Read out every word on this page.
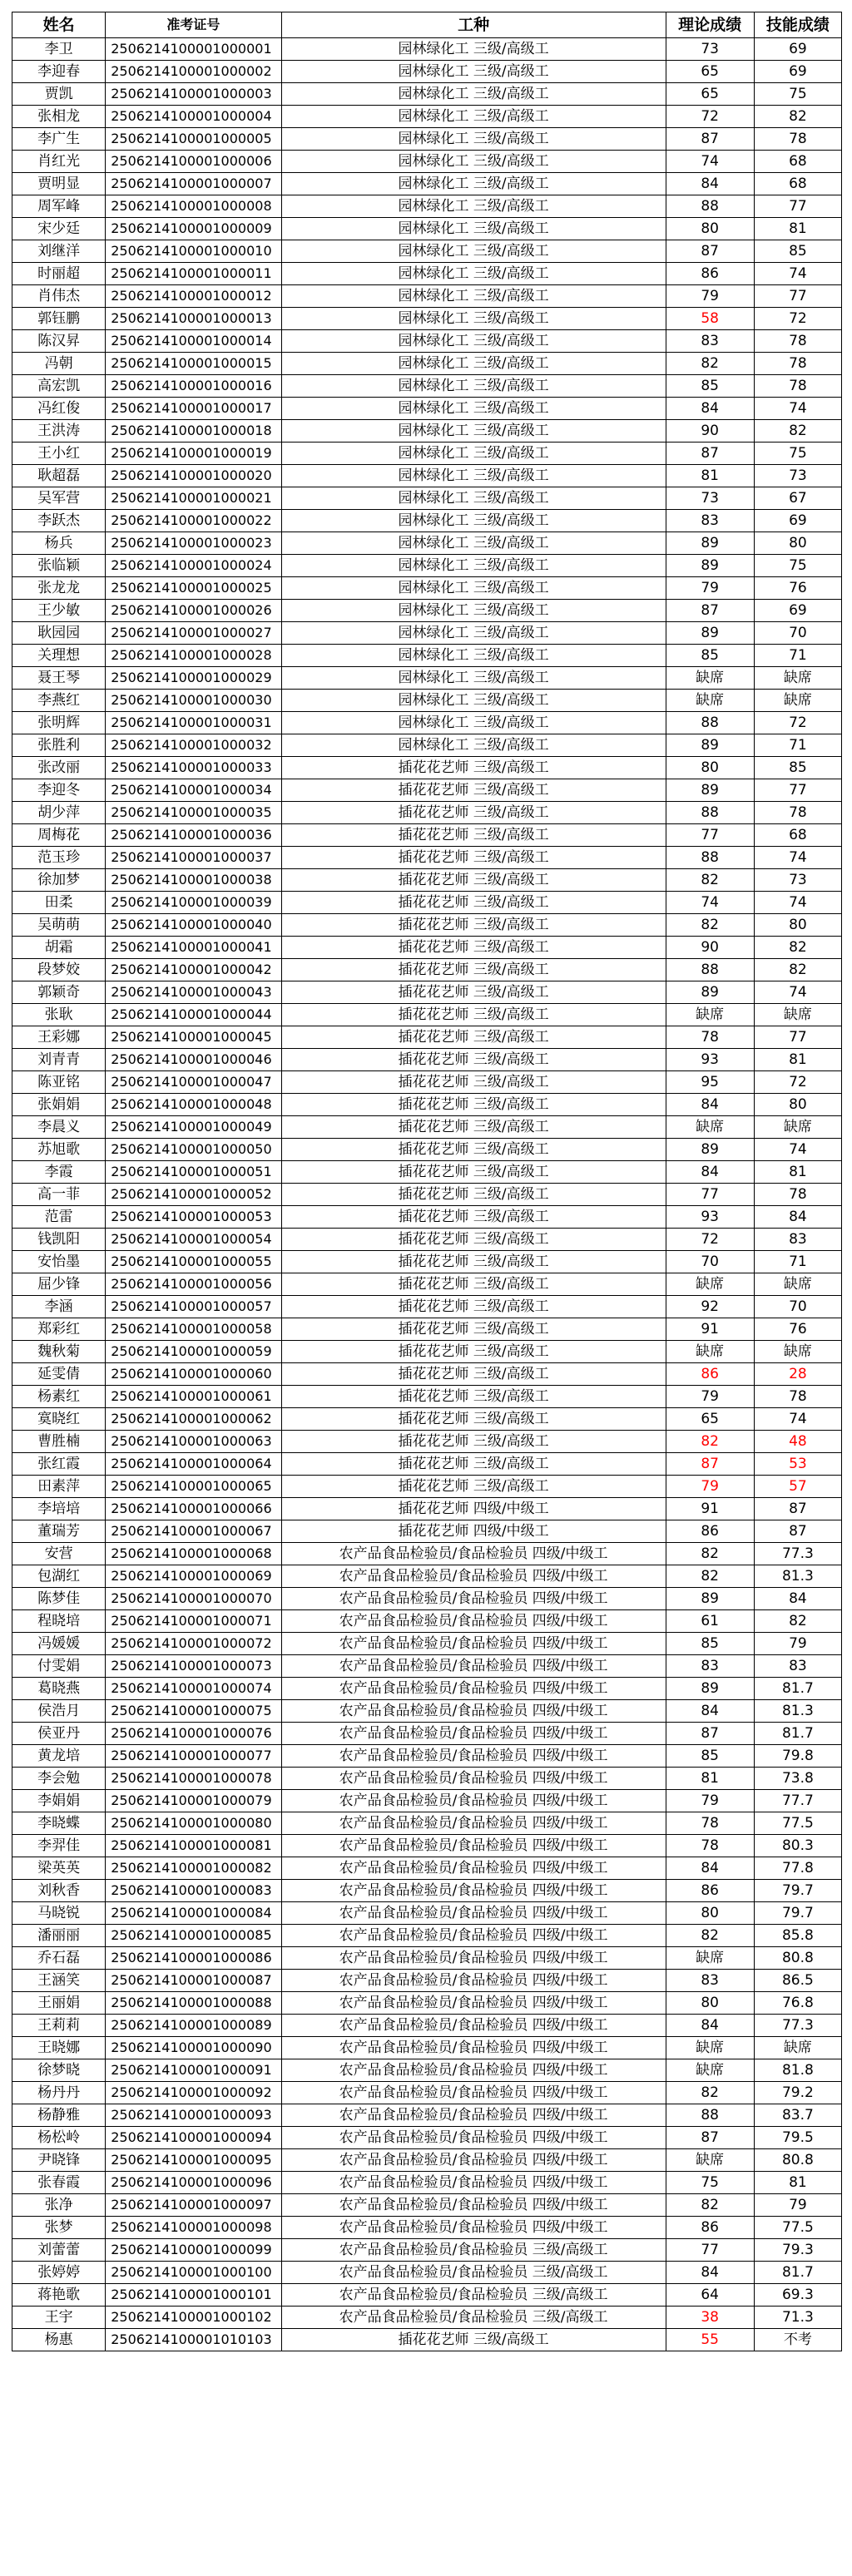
姓名	准考证号	工种	理论成绩	技能成绩
李卫	2506214100001000001	园林绿化工 三级/高级工	73	69
李迎春	2506214100001000002	园林绿化工 三级/高级工	65	69
贾凯	2506214100001000003	园林绿化工 三级/高级工	65	75
张相龙	2506214100001000004	园林绿化工 三级/高级工	72	82
李广生	2506214100001000005	园林绿化工 三级/高级工	87	78
肖红光	2506214100001000006	园林绿化工 三级/高级工	74	68
贾明显	2506214100001000007	园林绿化工 三级/高级工	84	68
周军峰	2506214100001000008	园林绿化工 三级/高级工	88	77
宋少廷	2506214100001000009	园林绿化工 三级/高级工	80	81
刘继洋	2506214100001000010	园林绿化工 三级/高级工	87	85
时丽超	2506214100001000011	园林绿化工 三级/高级工	86	74
肖伟杰	2506214100001000012	园林绿化工 三级/高级工	79	77
郭钰鹏	2506214100001000013	园林绿化工 三级/高级工	58	72
陈汉昇	2506214100001000014	园林绿化工 三级/高级工	83	78
冯朝	2506214100001000015	园林绿化工 三级/高级工	82	78
高宏凯	2506214100001000016	园林绿化工 三级/高级工	85	78
冯红俊	2506214100001000017	园林绿化工 三级/高级工	84	74
王洪涛	2506214100001000018	园林绿化工 三级/高级工	90	82
王小红	2506214100001000019	园林绿化工 三级/高级工	87	75
耿超磊	2506214100001000020	园林绿化工 三级/高级工	81	73
吴军营	2506214100001000021	园林绿化工 三级/高级工	73	67
李跃杰	2506214100001000022	园林绿化工 三级/高级工	83	69
杨兵	2506214100001000023	园林绿化工 三级/高级工	89	80
张临颖	2506214100001000024	园林绿化工 三级/高级工	89	75
张龙龙	2506214100001000025	园林绿化工 三级/高级工	79	76
王少敏	2506214100001000026	园林绿化工 三级/高级工	87	69
耿园园	2506214100001000027	园林绿化工 三级/高级工	89	70
关理想	2506214100001000028	园林绿化工 三级/高级工	85	71
聂王琴	2506214100001000029	园林绿化工 三级/高级工	缺席	缺席
李燕红	2506214100001000030	园林绿化工 三级/高级工	缺席	缺席
张明辉	2506214100001000031	园林绿化工 三级/高级工	88	72
张胜利	2506214100001000032	园林绿化工 三级/高级工	89	71
张改丽	2506214100001000033	插花花艺师 三级/高级工	80	85
李迎冬	2506214100001000034	插花花艺师 三级/高级工	89	77
胡少萍	2506214100001000035	插花花艺师 三级/高级工	88	78
周梅花	2506214100001000036	插花花艺师 三级/高级工	77	68
范玉珍	2506214100001000037	插花花艺师 三级/高级工	88	74
徐加梦	2506214100001000038	插花花艺师 三级/高级工	82	73
田柔	2506214100001000039	插花花艺师 三级/高级工	74	74
吴萌萌	2506214100001000040	插花花艺师 三级/高级工	82	80
胡霜	2506214100001000041	插花花艺师 三级/高级工	90	82
段梦姣	2506214100001000042	插花花艺师 三级/高级工	88	82
郭颖奇	2506214100001000043	插花花艺师 三级/高级工	89	74
张耿	2506214100001000044	插花花艺师 三级/高级工	缺席	缺席
王彩娜	2506214100001000045	插花花艺师 三级/高级工	78	77
刘青青	2506214100001000046	插花花艺师 三级/高级工	93	81
陈亚铭	2506214100001000047	插花花艺师 三级/高级工	95	72
张娟娟	2506214100001000048	插花花艺师 三级/高级工	84	80
李晨义	2506214100001000049	插花花艺师 三级/高级工	缺席	缺席
苏旭歌	2506214100001000050	插花花艺师 三级/高级工	89	74
李霞	2506214100001000051	插花花艺师 三级/高级工	84	81
高一菲	2506214100001000052	插花花艺师 三级/高级工	77	78
范雷	2506214100001000053	插花花艺师 三级/高级工	93	84
钱凯阳	2506214100001000054	插花花艺师 三级/高级工	72	83
安怡墨	2506214100001000055	插花花艺师 三级/高级工	70	71
屈少锋	2506214100001000056	插花花艺师 三级/高级工	缺席	缺席
李涵	2506214100001000057	插花花艺师 三级/高级工	92	70
郑彩红	2506214100001000058	插花花艺师 三级/高级工	91	76
魏秋菊	2506214100001000059	插花花艺师 三级/高级工	缺席	缺席
延雯倩	2506214100001000060	插花花艺师 三级/高级工	86	28
杨素红	2506214100001000061	插花花艺师 三级/高级工	79	78
寞晓红	2506214100001000062	插花花艺师 三级/高级工	65	74
曹胜楠	2506214100001000063	插花花艺师 三级/高级工	82	48
张红霞	2506214100001000064	插花花艺师 三级/高级工	87	53
田素萍	2506214100001000065	插花花艺师 三级/高级工	79	57
李培培	2506214100001000066	插花花艺师 四级/中级工	91	87
董瑞芳	2506214100001000067	插花花艺师 四级/中级工	86	87
安营	2506214100001000068	农产品食品检验员/食品检验员 四级/中级工	82	77.3
包湖红	2506214100001000069	农产品食品检验员/食品检验员 四级/中级工	82	81.3
陈梦佳	2506214100001000070	农产品食品检验员/食品检验员 四级/中级工	89	84
程晓培	2506214100001000071	农产品食品检验员/食品检验员 四级/中级工	61	82
冯媛媛	2506214100001000072	农产品食品检验员/食品检验员 四级/中级工	85	79
付雯娟	2506214100001000073	农产品食品检验员/食品检验员 四级/中级工	83	83
葛晓燕	2506214100001000074	农产品食品检验员/食品检验员 四级/中级工	89	81.7
侯浩月	2506214100001000075	农产品食品检验员/食品检验员 四级/中级工	84	81.3
侯亚丹	2506214100001000076	农产品食品检验员/食品检验员 四级/中级工	87	81.7
黄龙培	2506214100001000077	农产品食品检验员/食品检验员 四级/中级工	85	79.8
李会勉	2506214100001000078	农产品食品检验员/食品检验员 四级/中级工	81	73.8
李娟娟	2506214100001000079	农产品食品检验员/食品检验员 四级/中级工	79	77.7
李晓蝶	2506214100001000080	农产品食品检验员/食品检验员 四级/中级工	78	77.5
李羿佳	2506214100001000081	农产品食品检验员/食品检验员 四级/中级工	78	80.3
梁英英	2506214100001000082	农产品食品检验员/食品检验员 四级/中级工	84	77.8
刘秋香	2506214100001000083	农产品食品检验员/食品检验员 四级/中级工	86	79.7
马晓锐	2506214100001000084	农产品食品检验员/食品检验员 四级/中级工	80	79.7
潘丽丽	2506214100001000085	农产品食品检验员/食品检验员 四级/中级工	82	85.8
乔石磊	2506214100001000086	农产品食品检验员/食品检验员 四级/中级工	缺席	80.8
王涵笑	2506214100001000087	农产品食品检验员/食品检验员 四级/中级工	83	86.5
王丽娟	2506214100001000088	农产品食品检验员/食品检验员 四级/中级工	80	76.8
王莉莉	2506214100001000089	农产品食品检验员/食品检验员 四级/中级工	84	77.3
王晓娜	2506214100001000090	农产品食品检验员/食品检验员 四级/中级工	缺席	缺席
徐梦晓	2506214100001000091	农产品食品检验员/食品检验员 四级/中级工	缺席	81.8
杨丹丹	2506214100001000092	农产品食品检验员/食品检验员 四级/中级工	82	79.2
杨静雅	2506214100001000093	农产品食品检验员/食品检验员 四级/中级工	88	83.7
杨松岭	2506214100001000094	农产品食品检验员/食品检验员 四级/中级工	87	79.5
尹晓锋	2506214100001000095	农产品食品检验员/食品检验员 四级/中级工	缺席	80.8
张春霞	2506214100001000096	农产品食品检验员/食品检验员 四级/中级工	75	81
张净	2506214100001000097	农产品食品检验员/食品检验员 四级/中级工	82	79
张梦	2506214100001000098	农产品食品检验员/食品检验员 四级/中级工	86	77.5
刘蕾蕾	2506214100001000099	农产品食品检验员/食品检验员 三级/高级工	77	79.3
张婷婷	2506214100001000100	农产品食品检验员/食品检验员 三级/高级工	84	81.7
蒋艳歌	2506214100001000101	农产品食品检验员/食品检验员 三级/高级工	64	69.3
王宇	2506214100001000102	农产品食品检验员/食品检验员 三级/高级工	38	71.3
杨惠	2506214100001010103	插花花艺师 三级/高级工	55	不考
